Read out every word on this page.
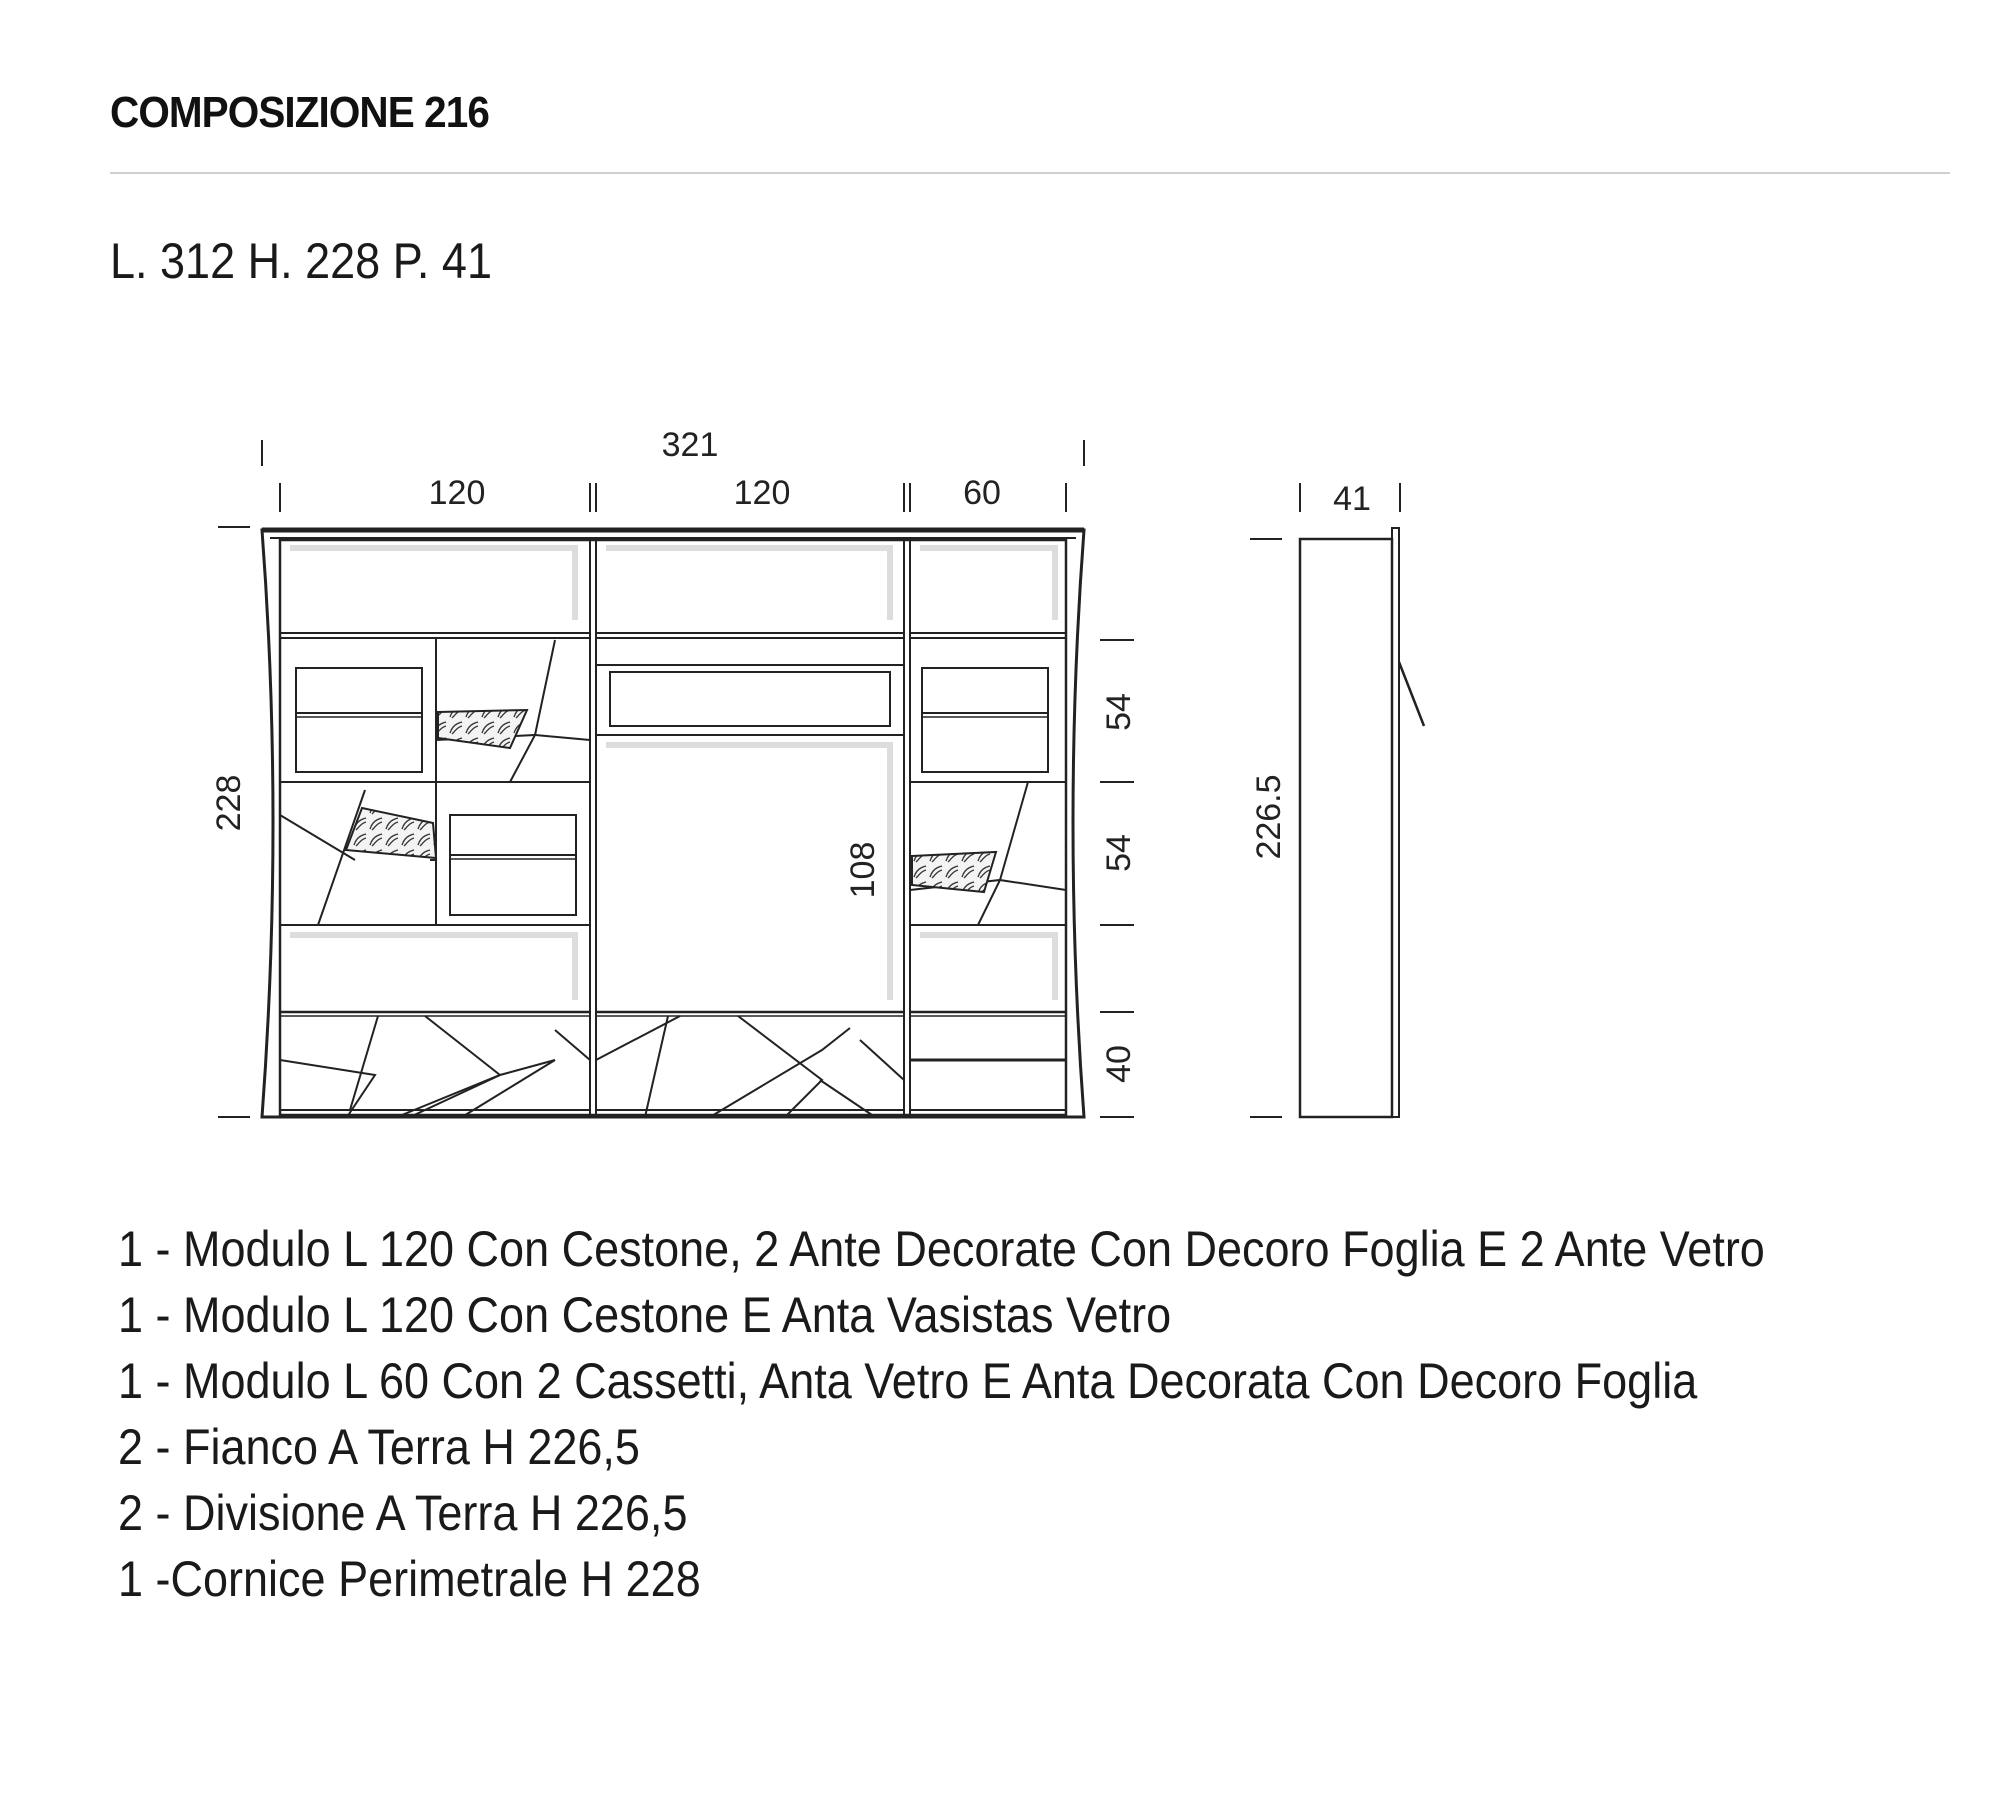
COMPOSIZIONE 216
L. 312 H. 228 P. 41
321
120	120	60
228
108
54
54
40
41
226.5
1 - Modulo L 120 Con Cestone, 2 Ante Decorate Con Decoro Foglia E 2 Ante Vetro
1 - Modulo L 120 Con Cestone E Anta Vasistas Vetro
1 - Modulo L 60 Con 2 Cassetti, Anta Vetro E Anta Decorata Con Decoro Foglia
2 - Fianco A Terra H 226,5
2 - Divisione A Terra H 226,5
1 -Cornice Perimetrale H 228
